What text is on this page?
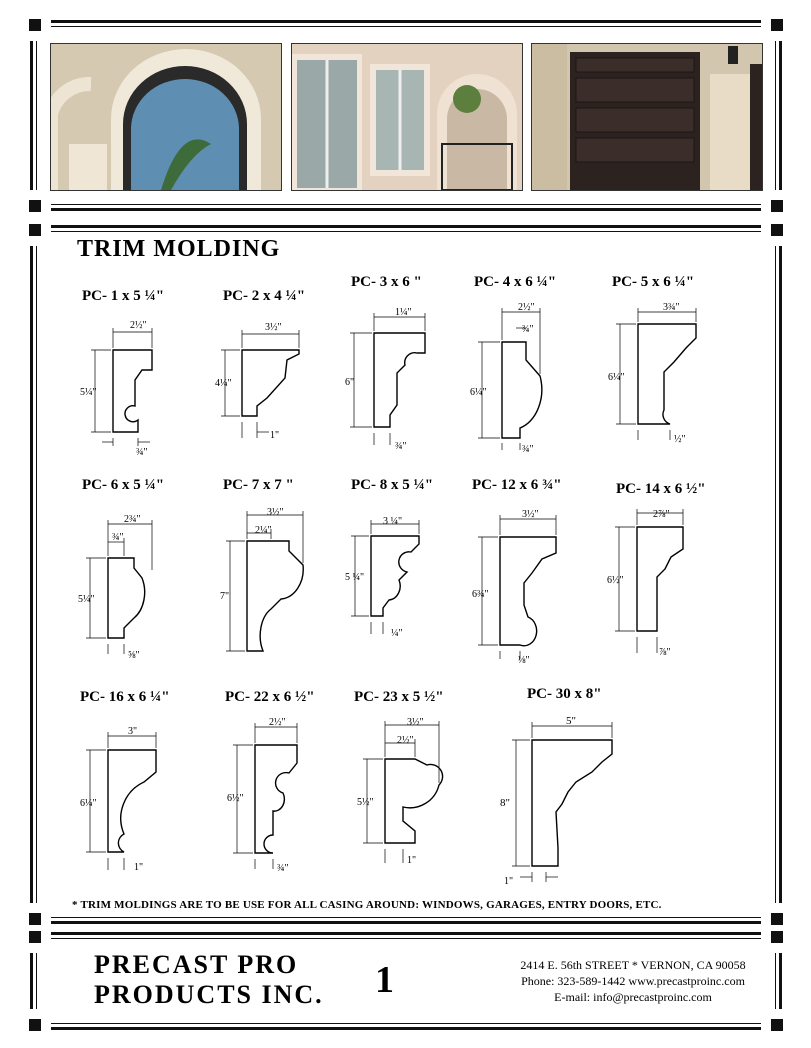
TRIM MOLDING
PC- 1 x 5 ¼"	PC- 2 x 4 ¼"
PC- 3 x 6 "	PC- 4 x 6 ¼"	PC- 5 x 6 ¼"
PC- 6 x 5 ¼"	PC- 7 x 7 "	PC- 8 x 5 ¼"	PC- 12 x 6 ¾"	PC- 14 x 6 ½"
PC- 16 x 6 ¼"	PC- 22 x 6 ½"	PC- 23 x 5 ½"	PC- 30 x 8"
2½"
5¼"
¾"
3½"
4¼"
1"
1¼"
6"
¾"
2½"
¾"
6¼"
¾"
3¾"
6¼"
½"
2¾"
¾"
5¼"
⅝"
3½"
2¼"
7"
3 ¼"
5 ¼"
¼"
3½"
6¾"
⅛"
2⅞"
6½"
⅞"
3"
6¼"
1"
2½"
6½"
¾"
3½"
2½"
5½"
1"
5"
8"
1"
* TRIM MOLDINGS ARE TO BE USE FOR ALL CASING AROUND: WINDOWS, GARAGES, ENTRY DOORS, ETC.
PRECAST PRO
PRODUCTS INC. 1	2414 E. 56th STREET * VERNON, CA 90058
Phone: 323-589-1442 www.precastproinc.com
E-mail: info@precastproinc.com
